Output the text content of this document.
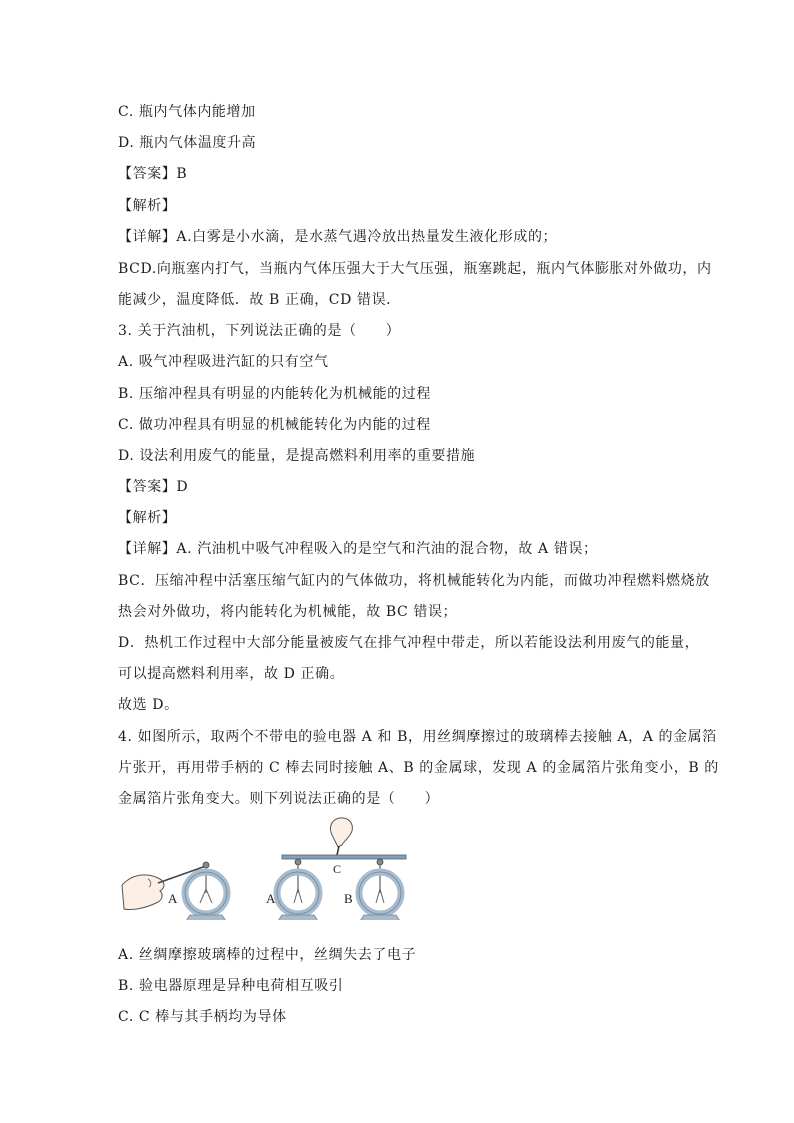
C. 瓶内气体内能增加
D. 瓶内气体温度升高
【答案】B
【解析】
【详解】A.白雾是小水滴，是水蒸气遇冷放出热量发生液化形成的；
BCD.向瓶塞内打气，当瓶内气体压强大于大气压强，瓶塞跳起，瓶内气体膨胀对外做功，内
能减少，温度降低．故 B 正确，CD 错误．
3. 关于汽油机，下列说法正确的是（　　）
A. 吸气冲程吸进汽缸的只有空气
B. 压缩冲程具有明显的内能转化为机械能的过程
C. 做功冲程具有明显的机械能转化为内能的过程
D. 设法利用废气的能量，是提高燃料利用率的重要措施
【答案】D
【解析】
【详解】A. 汽油机中吸气冲程吸入的是空气和汽油的混合物，故 A 错误；
BC．压缩冲程中活塞压缩气缸内的气体做功，将机械能转化为内能，而做功冲程燃料燃烧放
热会对外做功，将内能转化为机械能，故 BC 错误；
D．热机工作过程中大部分能量被废气在排气冲程中带走，所以若能设法利用废气的能量，
可以提高燃料利用率，故 D 正确。
故选 D。
4. 如图所示，取两个不带电的验电器 A 和 B，用丝绸摩擦过的玻璃棒去接触 A，A 的金属箔
片张开，再用带手柄的 C 棒去同时接触 A、B 的金属球，发现 A 的金属箔片张角变小，B 的
金属箔片张角变大。则下列说法正确的是（　　）
A
C
A	B
A. 丝绸摩擦玻璃棒的过程中，丝绸失去了电子
B. 验电器原理是异种电荷相互吸引
C. C 棒与其手柄均为导体
